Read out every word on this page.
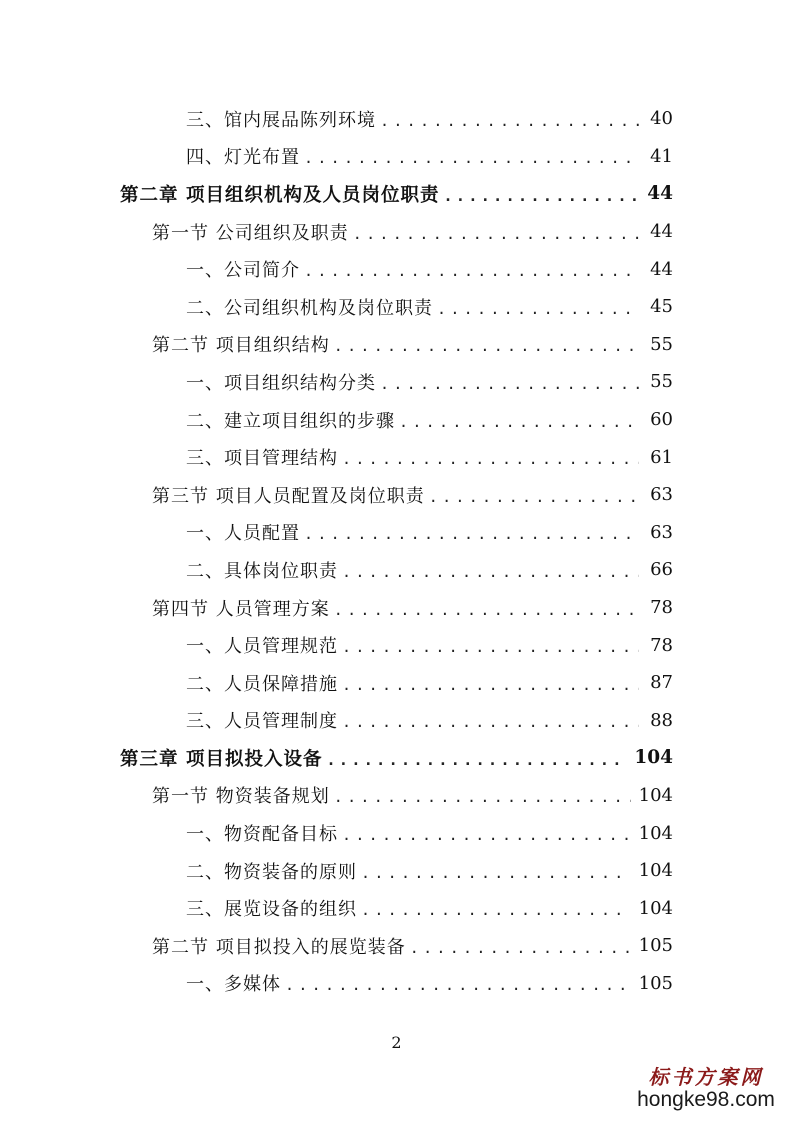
三、馆内展品陈列环境 .....	40
四、灯光布置 .....	41
第二章 项目组织机构及人员岗位职责 .....	44
第一节 公司组织及职责 .....	44
一、公司简介 .....	44
二、公司组织机构及岗位职责 .....	45
第二节 项目组织结构 .....	55
一、项目组织结构分类 .....	55
二、建立项目组织的步骤 .....	60
三、项目管理结构 .....	61
第三节 项目人员配置及岗位职责 .....	63
一、人员配置 .....	63
二、具体岗位职责 .....	66
第四节 人员管理方案 .....	78
一、人员管理规范 .....	78
二、人员保障措施 .....	87
三、人员管理制度 .....	88
第三章 项目拟投入设备 .....	104
第一节 物资装备规划 .....	104
一、物资配备目标 .....	104
二、物资装备的原则 .....	104
三、展览设备的组织 .....	104
第二节 项目拟投入的展览装备 .....	105
一、多媒体 .....	105
2
标书方案网
hongke98.com
